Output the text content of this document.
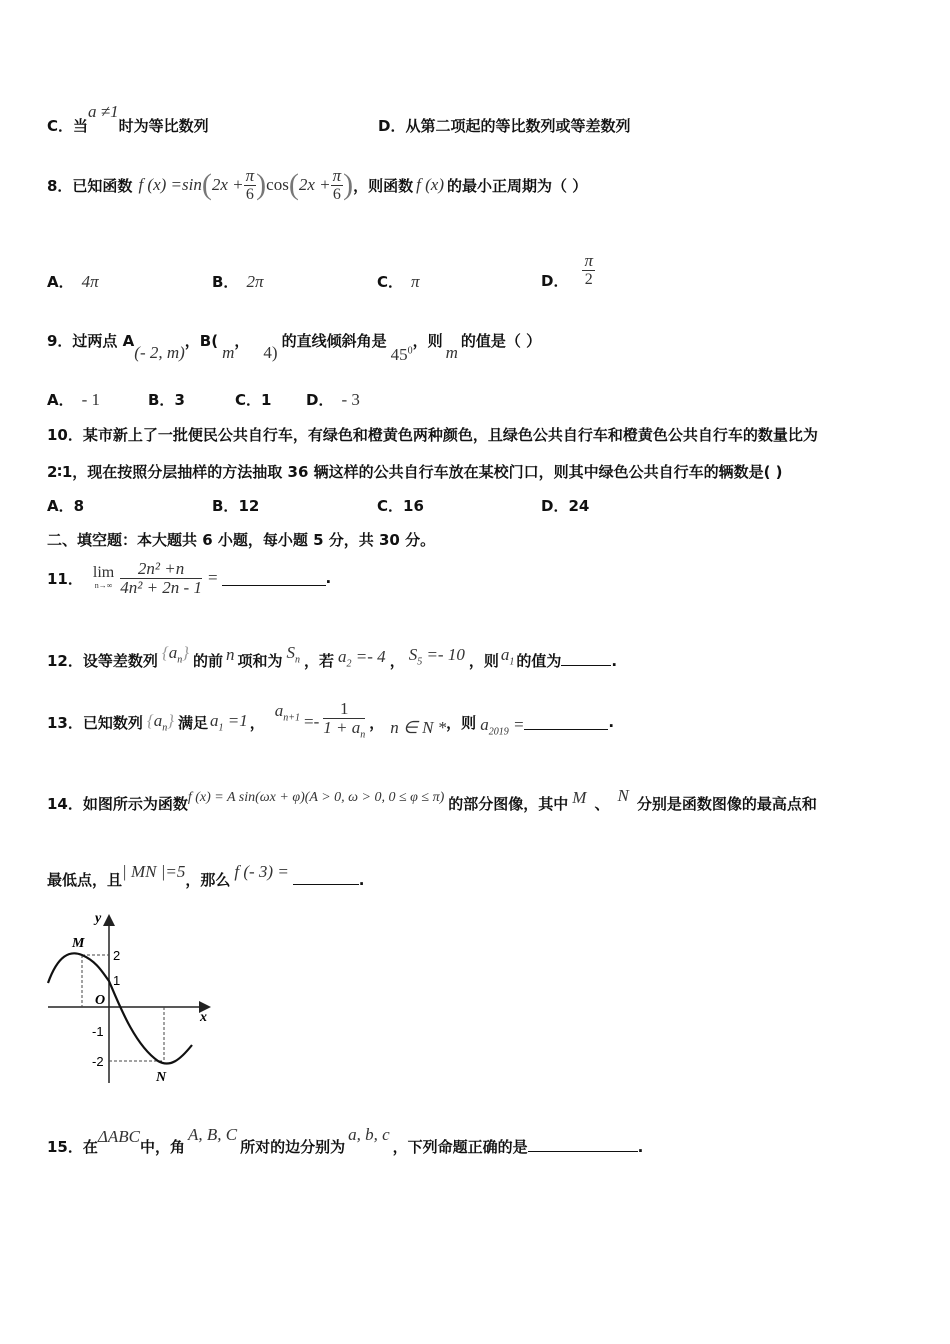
C．当a ≠1时为等比数列	D．从第二项起的等比数列或等差数列
8．已知函数 f (x) =sin ( $2x + \frac{\pi}{6}$ ) cos ( $2x + \frac{\pi}{6}$ ) ，则函数 f (x) 的最小正周期为（ ）
A． 4π	B． 2π	C． π	D． $\frac{\pi}{2}$
9．过两点 A(- 2, m)，B(m，4)的直线倾斜角是$45^0$，则m的值是（ ）
A． - 1	B．3	C．1 D． - 3
10．某市新上了一批便民公共自行车，有绿色和橙黄色两种颜色，且绿色公共自行车和橙黄色公共自行车的数量比为
2∶1，现在按照分层抽样的方法抽取 36 辆这样的公共自行车放在某校门口，则其中绿色公共自行车的辆数是( )
A．8	B．12	C．16	D．24
二、填空题：本大题共 6 小题，每小题 5 分，共 30 分。
11． lim
$n\to\infty \frac{\text{2n² +n}}{\text{4n² + 2n - 1}}$ =	.
12．设等差数列 $\{a_n\}$ 的前 n 项和为 $S_n$ ，若 $a_2 =- 4$ ， $S_5 =- 10$ ，则 $a_1$ 的值为	.
13．已知数列 $\{a_n\}$ 满足 $a_1 =1$ ，
$a_{n+1} =- \frac{1}{1 + a_n}$ ， n ∈ N * ，则 $a_{2019}$ =	.
14．如图所示为函数f (x) = A sin(ωx + φ)(A > 0, ω > 0, 0 ≤ φ ≤ π) 的部分图像，其中 M 、 N 分别是函数图像的最高点和
最低点，且| MN |=5，那么 f (- 3) =	.
y
x
O
M
N
2
1
-1
-2
15．在ΔABC中，角A, B, C所对的边分别为a, b, c，下列命题正确的是	.
